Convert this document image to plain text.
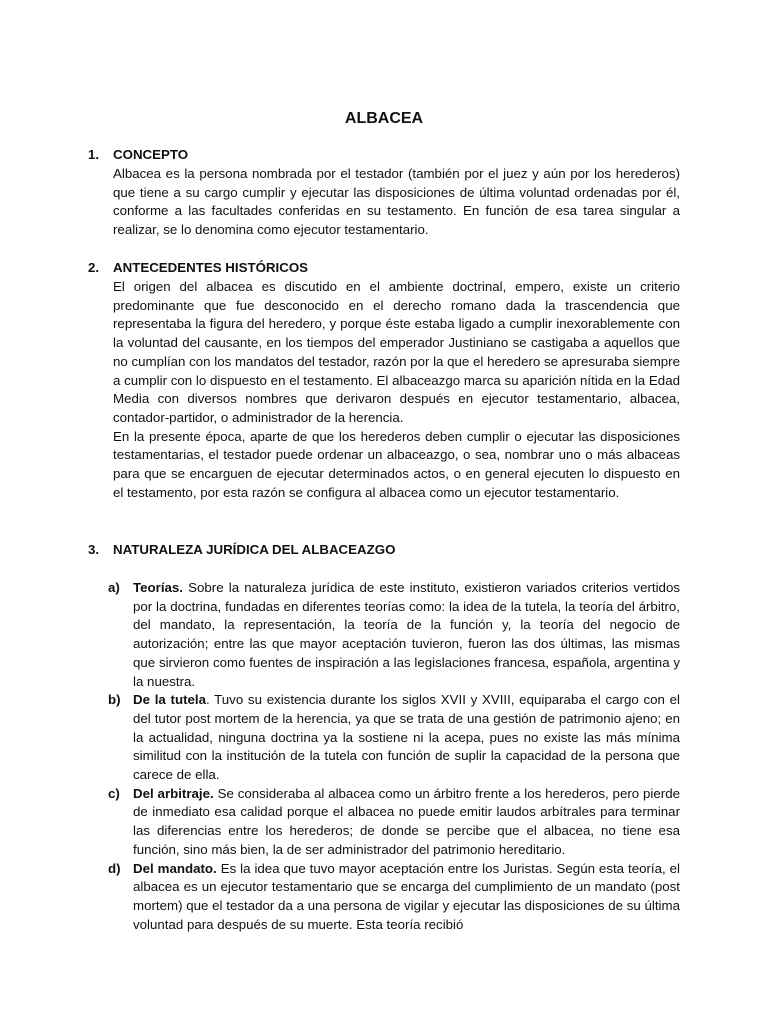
ALBACEA
1. CONCEPTO

Albacea es la persona nombrada por el testador (también por el juez y aún por los herederos) que tiene a su cargo cumplir y ejecutar las disposiciones de última voluntad ordenadas por él, conforme a las facultades conferidas en su testamento. En función de esa tarea singular a realizar, se lo denomina como ejecutor testamentario.

2. ANTECEDENTES HISTÓRICOS

El origen del albacea es discutido en el ambiente doctrinal, empero, existe un criterio predominante que fue desconocido en el derecho romano dada la trascendencia que representaba la figura del heredero, y porque éste estaba ligado a cumplir inexorablemente con la voluntad del causante, en los tiempos del emperador Justiniano se castigaba a aquellos que no cumplían con los mandatos del testador, razón por la que el heredero se apresuraba siempre a cumplir con lo dispuesto en el testamento. El albaceazgo marca su aparición nítida en la Edad Media con diversos nombres que derivaron después en ejecutor testamentario, albacea, contador-partidor, o administrador de la herencia.

En la presente época, aparte de que los herederos deben cumplir o ejecutar las disposiciones testamentarias, el testador puede ordenar un albaceazgo, o sea, nombrar uno o más albaceas para que se encarguen de ejecutar determinados actos, o en general ejecuten lo dispuesto en el testamento, por esta razón se configura al albacea como un ejecutor testamentario.

3. NATURALEZA JURÍDICA DEL ALBACEAZGO
a) Teorías. Sobre la naturaleza jurídica de este instituto, existieron variados criterios vertidos por la doctrina, fundadas en diferentes teorías como: la idea de la tutela, la teoría del árbitro, del mandato, la representación, la teoría de la función y, la teoría del negocio de autorización; entre las que mayor aceptación tuvieron, fueron las dos últimas, las mismas que sirvieron como fuentes de inspiración a las legislaciones francesa, española, argentina y la nuestra.
b) De la tutela. Tuvo su existencia durante los siglos XVII y XVIII, equiparaba el cargo con el del tutor post mortem de la herencia, ya que se trata de una gestión de patrimonio ajeno; en la actualidad, ninguna doctrina ya la sostiene ni la acepa, pues no existe las más mínima similitud con la institución de la tutela con función de suplir la capacidad de la persona que carece de ella.
c) Del arbitraje. Se consideraba al albacea como un árbitro frente a los herederos, pero pierde de inmediato esa calidad porque el albacea no puede emitir laudos arbítrales para terminar las diferencias entre los herederos; de donde se percibe que el albacea, no tiene esa función, sino más bien, la de ser administrador del patrimonio hereditario.
d) Del mandato. Es la idea que tuvo mayor aceptación entre los Juristas. Según esta teoría, el albacea es un ejecutor testamentario que se encarga del cumplimiento de un mandato (post mortem) que el testador da a una persona de vigilar y ejecutar las disposiciones de su última voluntad para después de su muerte. Esta teoría recibió
